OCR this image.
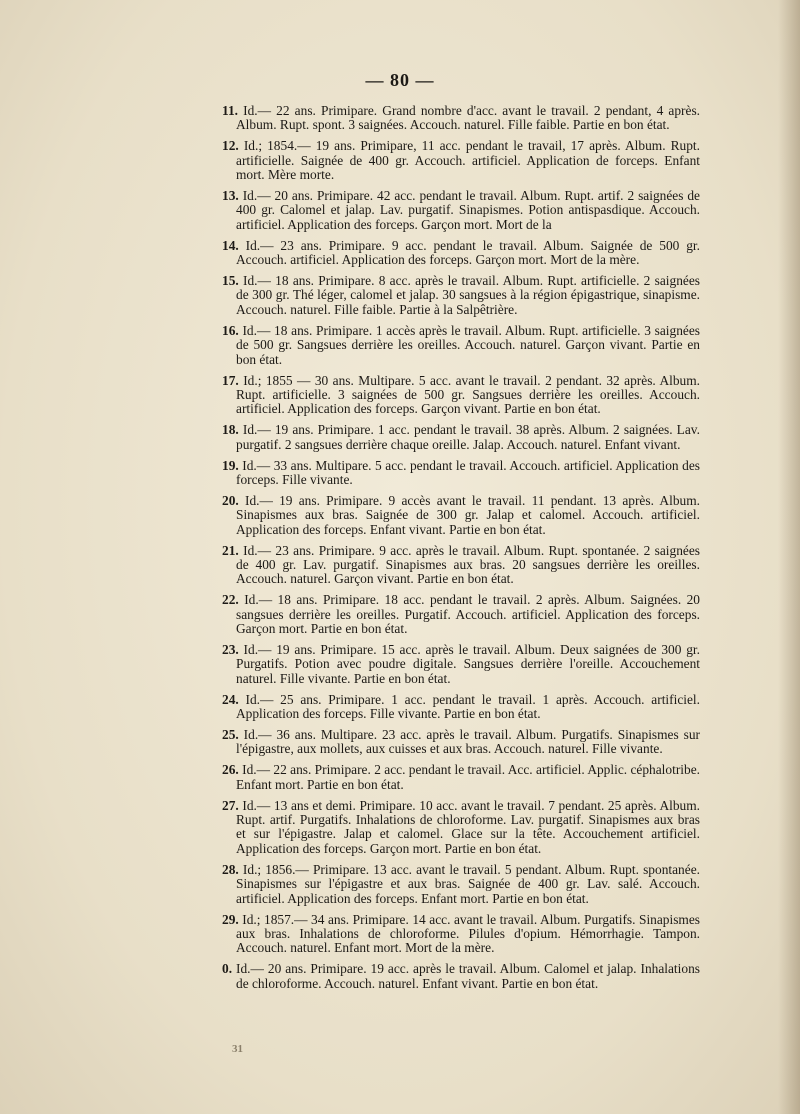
— 80 —
11. Id.— 22 ans. Primipare. Grand nombre d'acc. avant le travail. 2 pendant, 4 après. Album. Rupt. spont. 3 saignées. Accouch. naturel. Fille faible. Partie en bon état.
12. Id.; 1854.— 19 ans. Primipare, 11 acc. pendant le travail, 17 après. Album. Rupt. artificielle. Saignée de 400 gr. Accouch. artificiel. Application de forceps. Enfant mort. Mère morte.
13. Id.— 20 ans. Primipare. 42 acc. pendant le travail. Album. Rupt. artif. 2 saignées de 400 gr. Calomel et jalap. Lav. purgatif. Sinapismes. Potion antispasdique. Accouch. artificiel. Application des forceps. Garçon mort. Mort de la
14. Id.— 23 ans. Primipare. 9 acc. pendant le travail. Album. Saignée de 500 gr. Accouch. artificiel. Application des forceps. Garçon mort. Mort de la mère.
15. Id.— 18 ans. Primipare. 8 acc. après le travail. Album. Rupt. artificielle. 2 saignées de 300 gr. Thé léger, calomel et jalap. 30 sangsues à la région épigastrique, sinapisme. Accouch. naturel. Fille faible. Partie à la Salpêtrière.
16. Id.— 18 ans. Primipare. 1 accès après le travail. Album. Rupt. artificielle. 3 saignées de 500 gr. Sangsues derrière les oreilles. Accouch. naturel. Garçon vivant. Partie en bon état.
17. Id.; 1855 — 30 ans. Multipare. 5 acc. avant le travail. 2 pendant. 32 après. Album. Rupt. artificielle. 3 saignées de 500 gr. Sangsues derrière les oreilles. Accouch. artificiel. Application des forceps. Garçon vivant. Partie en bon état.
18. Id.— 19 ans. Primipare. 1 acc. pendant le travail. 38 après. Album. 2 saignées. Lav. purgatif. 2 sangsues derrière chaque oreille. Jalap. Accouch. naturel. Enfant vivant.
19. Id.— 33 ans. Multipare. 5 acc. pendant le travail. Accouch. artificiel. Application des forceps. Fille vivante.
20. Id.— 19 ans. Primipare. 9 accès avant le travail. 11 pendant. 13 après. Album. Sinapismes aux bras. Saignée de 300 gr. Jalap et calomel. Accouch. artificiel. Application des forceps. Enfant vivant. Partie en bon état.
21. Id.— 23 ans. Primipare. 9 acc. après le travail. Album. Rupt. spontanée. 2 saignées de 400 gr. Lav. purgatif. Sinapismes aux bras. 20 sangsues derrière les oreilles. Accouch. naturel. Garçon vivant. Partie en bon état.
22. Id.— 18 ans. Primipare. 18 acc. pendant le travail. 2 après. Album. Saignées. 20 sangsues derrière les oreilles. Purgatif. Accouch. artificiel. Application des forceps. Garçon mort. Partie en bon état.
23. Id.— 19 ans. Primipare. 15 acc. après le travail. Album. Deux saignées de 300 gr. Purgatifs. Potion avec poudre digitale. Sangsues derrière l'oreille. Accouchement naturel. Fille vivante. Partie en bon état.
24. Id.— 25 ans. Primipare. 1 acc. pendant le travail. 1 après. Accouch. artificiel. Application des forceps. Fille vivante. Partie en bon état.
25. Id.— 36 ans. Multipare. 23 acc. après le travail. Album. Purgatifs. Sinapismes sur l'épigastre, aux mollets, aux cuisses et aux bras. Accouch. naturel. Fille vivante.
26. Id.— 22 ans. Primipare. 2 acc. pendant le travail. Acc. artificiel. Applic. céphalotribe. Enfant mort. Partie en bon état.
27. Id.— 13 ans et demi. Primipare. 10 acc. avant le travail. 7 pendant. 25 après. Album. Rupt. artif. Purgatifs. Inhalations de chloroforme. Lav. purgatif. Sinapismes aux bras et sur l'épigastre. Jalap et calomel. Glace sur la tête. Accouchement artificiel. Application des forceps. Garçon mort. Partie en bon état.
28. Id.; 1856.— Primipare. 13 acc. avant le travail. 5 pendant. Album. Rupt. spontanée. Sinapismes sur l'épigastre et aux bras. Saignée de 400 gr. Lav. salé. Accouch. artificiel. Application des forceps. Enfant mort. Partie en bon état.
29. Id.; 1857.— 34 ans. Primipare. 14 acc. avant le travail. Album. Purgatifs. Sinapismes aux bras. Inhalations de chloroforme. Pilules d'opium. Hémorrhagie. Tampon. Accouch. naturel. Enfant mort. Mort de la mère.
0. Id.— 20 ans. Primipare. 19 acc. après le travail. Album. Calomel et jalap. Inhalations de chloroforme. Accouch. naturel. Enfant vivant. Partie en bon état.
31
